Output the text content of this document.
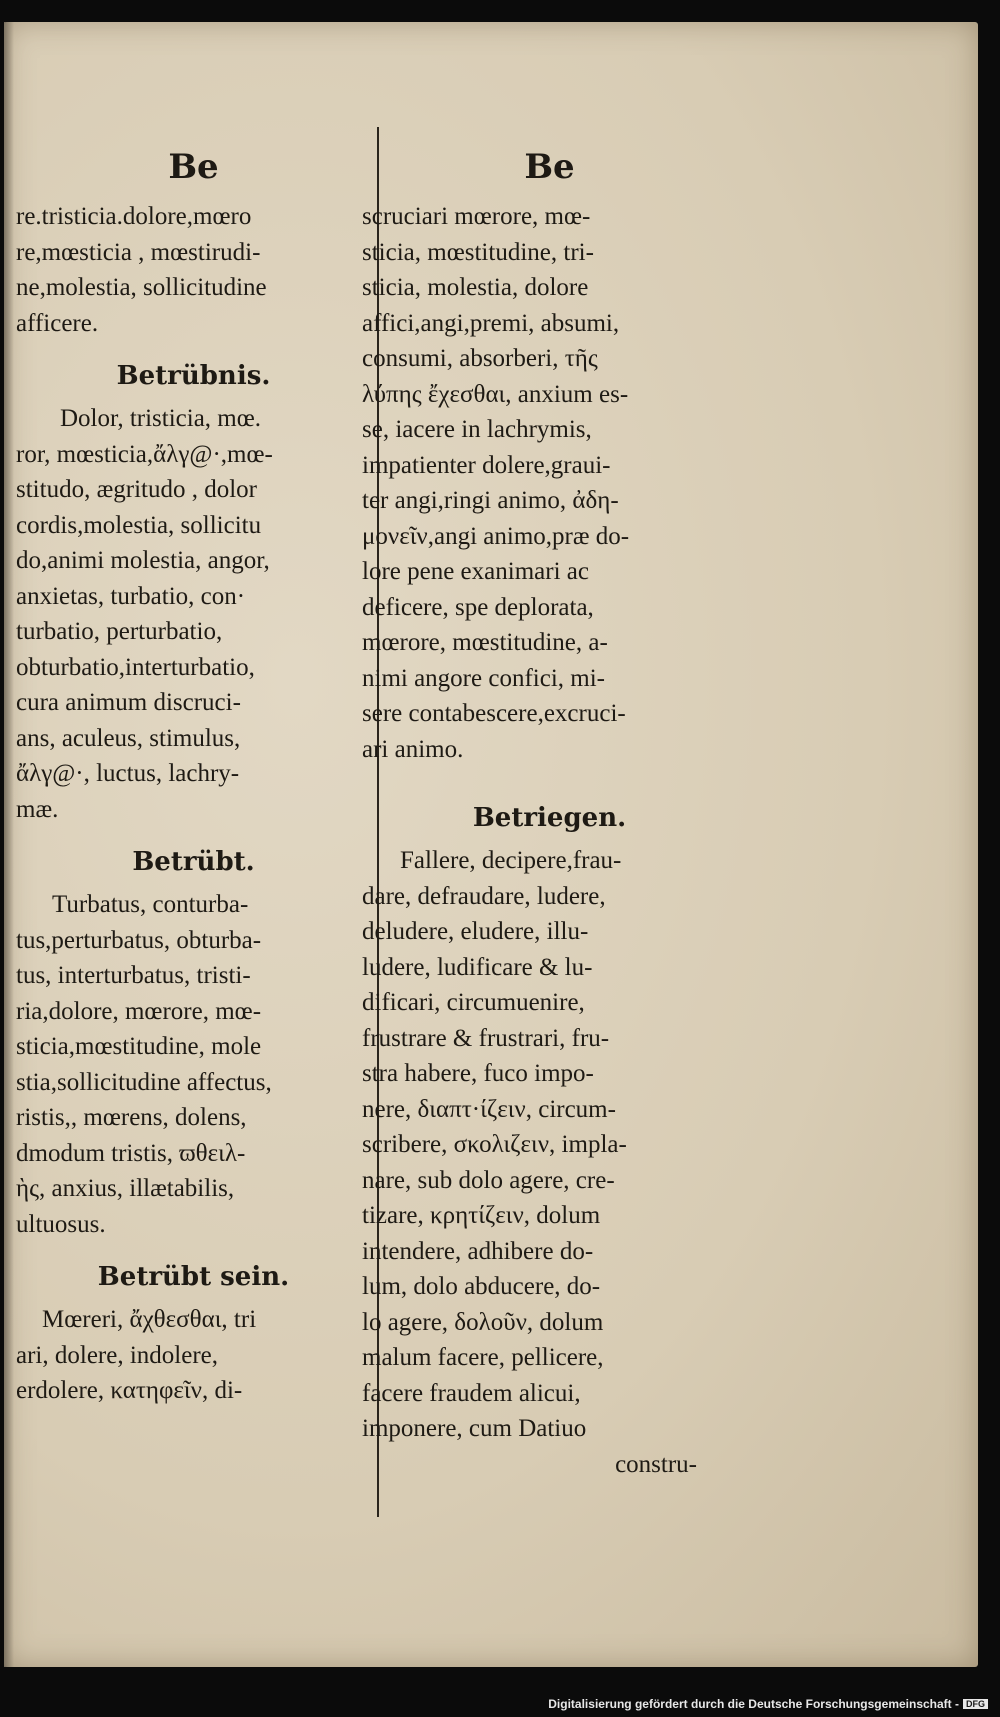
Be
re.tristicia.dolore,mœro
re,mœsticia , mœstirudi-
ne,molestia, sollicitudine
afficere.
Betrübnis.
Dolor, tristicia, mœ.
ror, mœsticia,ἄλγ@·,mœ-
stitudo, ægritudo , dolor
cordis,molestia, sollicitu
do,animi molestia, angor,
anxietas, turbatio, con·
turbatio, perturbatio,
obturbatio,interturbatio,
cura animum discruci-
ans, aculeus, stimulus,
ἄλγ@·, luctus, lachry-
mæ.
Betrübt.
Turbatus, conturba-
tus,perturbatus, obturba-
tus, interturbatus, tristi-
ria,dolore, mœrore, mœ-
sticia,mœstitudine, mole
stia,sollicitudine affectus,
ristis,, mœrens, dolens,
dmodum tristis, ϖθειλ-
ὴς, anxius, illætabilis,
ultuosus.
Betrübt sein.
Mœreri, ἄχθεσθαι, tri
ari, dolere, indolere,
erdolere, κατηφεῖν, di-
Be
scruciari mœrore, mœ-
sticia, mœstitudine, tri-
sticia, molestia, dolore
affici,angi,premi, absumi,
consumi, absorberi, τῆς
λύπης ἔχεσθαι, anxium es-
se, iacere in lachrymis,
impatienter dolere,graui-
ter angi,ringi animo, ἀδη-
μονεῖν,angi animo,præ do-
lore pene exanimari ac
deficere, spe deplorata,
mœrore, mœstitudine, a-
nimi angore confici, mi-
sere contabescere,excruci-
ari animo.
Betriegen.
Fallere, decipere,frau-
dare, defraudare, ludere,
deludere, eludere, illu-
ludere, ludificare & lu-
dificari, circumuenire,
frustrare & frustrari, fru-
stra habere, fuco impo-
nere, διαπτ·ίζειν, circum-
scribere, σκολιζειν, impla-
nare, sub dolo agere, cre-
tizare, κρητίζειν, dolum
intendere, adhibere do-
lum, dolo abducere, do-
lo agere, δολοῦν, dolum
malum facere, pellicere,
facere fraudem alicui,
imponere, cum Datiuo
constru-
Digitalisierung gefördert durch die Deutsche Forschungsgemeinschaft - DFG
